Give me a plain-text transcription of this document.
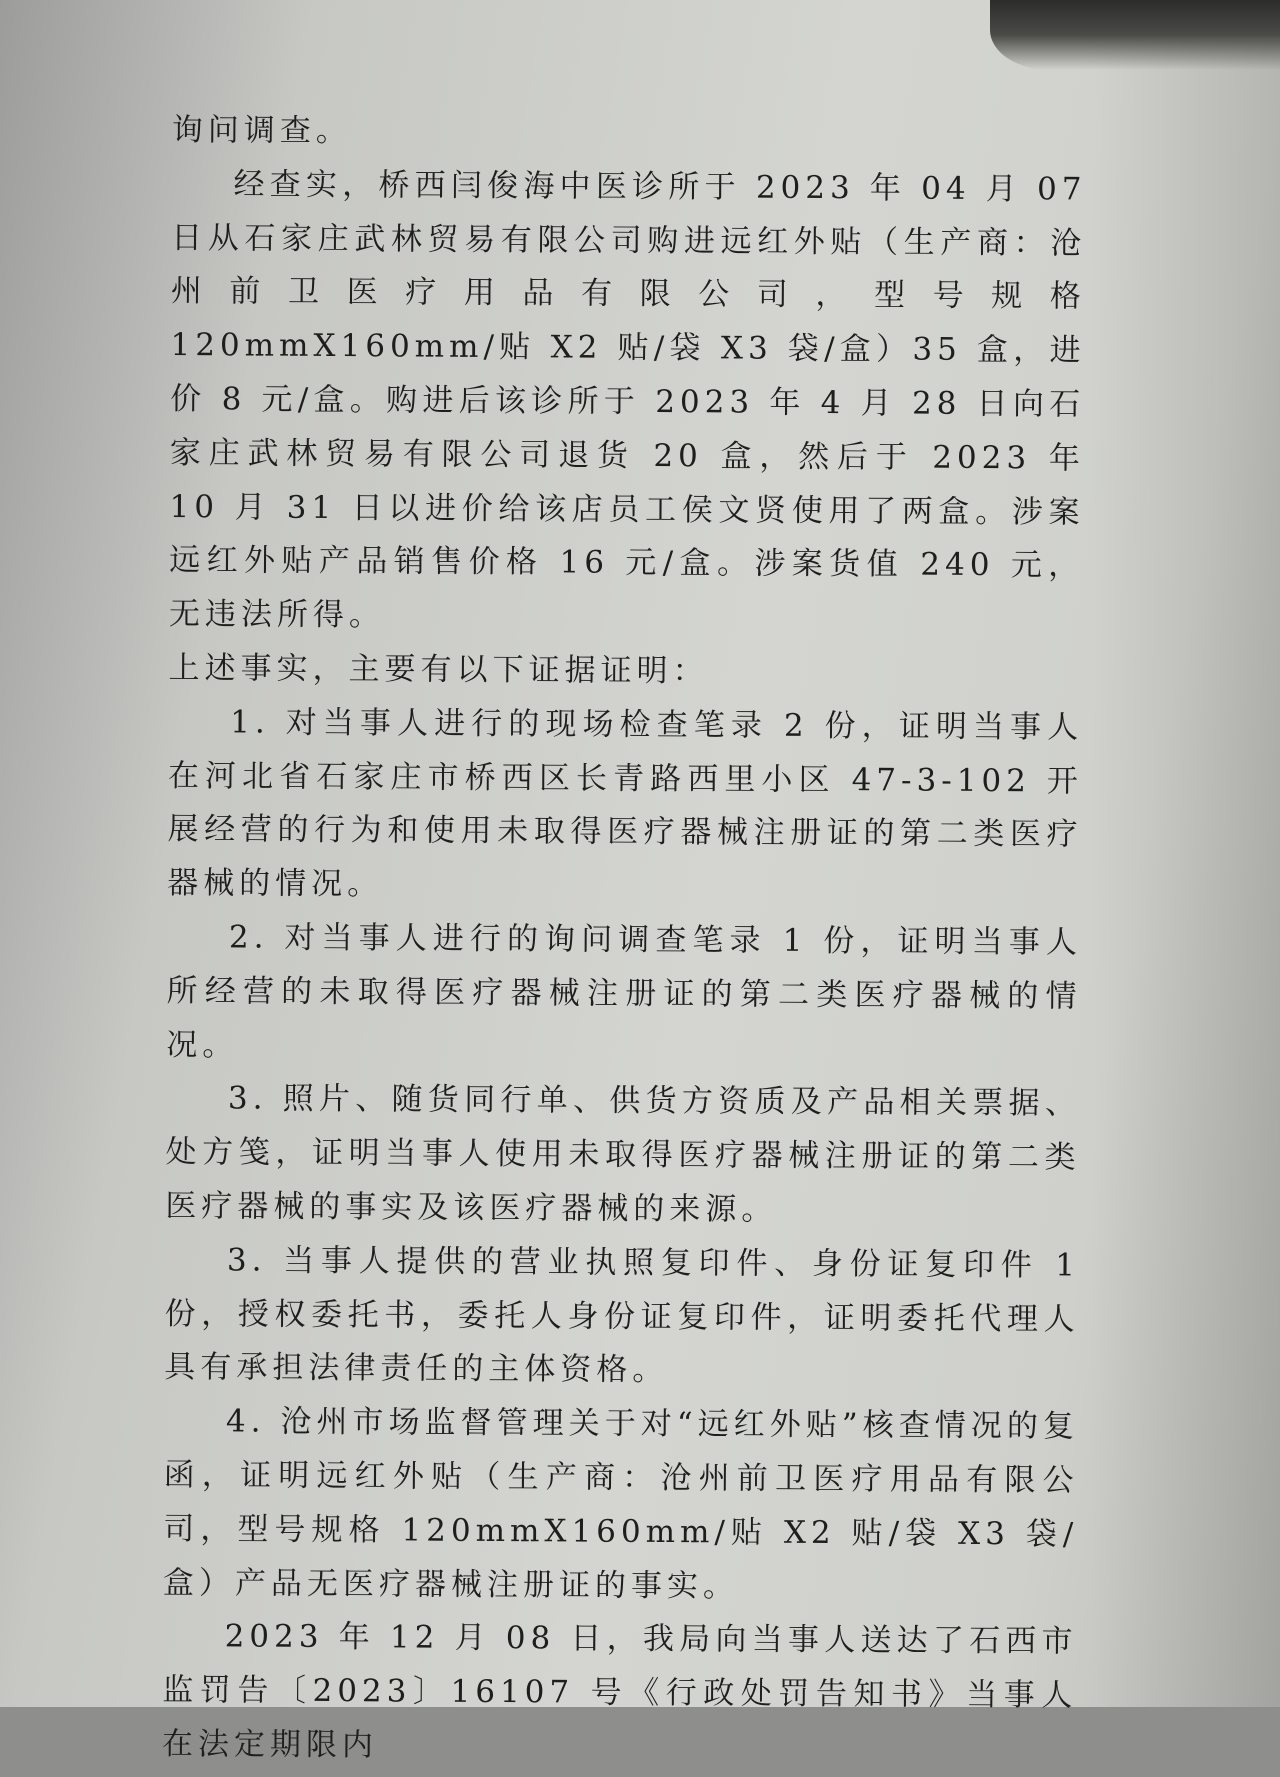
询问调查。

经查实，桥西闫俊海中医诊所于 2023 年 04 月 07 日从石家庄武林贸易有限公司购进远红外贴（生产商：沧州前卫医疗用品有限公司，型号规格 120mmX160mm/贴 X2 贴/袋 X3 袋/盒）35 盒，进价 8 元/盒。购进后该诊所于 2023 年 4 月 28 日向石家庄武林贸易有限公司退货 20 盒，然后于 2023 年 10 月 31 日以进价给该店员工侯文贤使用了两盒。涉案远红外贴产品销售价格 16 元/盒。涉案货值 240 元，无违法所得。

上述事实，主要有以下证据证明：

1. 对当事人进行的现场检查笔录 2 份，证明当事人在河北省石家庄市桥西区长青路西里小区 47-3-102 开展经营的行为和使用未取得医疗器械注册证的第二类医疗器械的情况。

2. 对当事人进行的询问调查笔录 1 份，证明当事人所经营的未取得医疗器械注册证的第二类医疗器械的情况。

3. 照片、随货同行单、供货方资质及产品相关票据、处方笺，证明当事人使用未取得医疗器械注册证的第二类医疗器械的事实及该医疗器械的来源。

3. 当事人提供的营业执照复印件、身份证复印件 1 份，授权委托书，委托人身份证复印件，证明委托代理人具有承担法律责任的主体资格。

4. 沧州市场监督管理关于对“远红外贴”核查情况的复函，证明远红外贴（生产商：沧州前卫医疗用品有限公司，型号规格 120mmX160mm/贴 X2 贴/袋 X3 袋/盒）产品无医疗器械注册证的事实。

2023 年 12 月 08 日，我局向当事人送达了石西市监罚告〔2023〕16107 号《行政处罚告知书》当事人在法定期限内
